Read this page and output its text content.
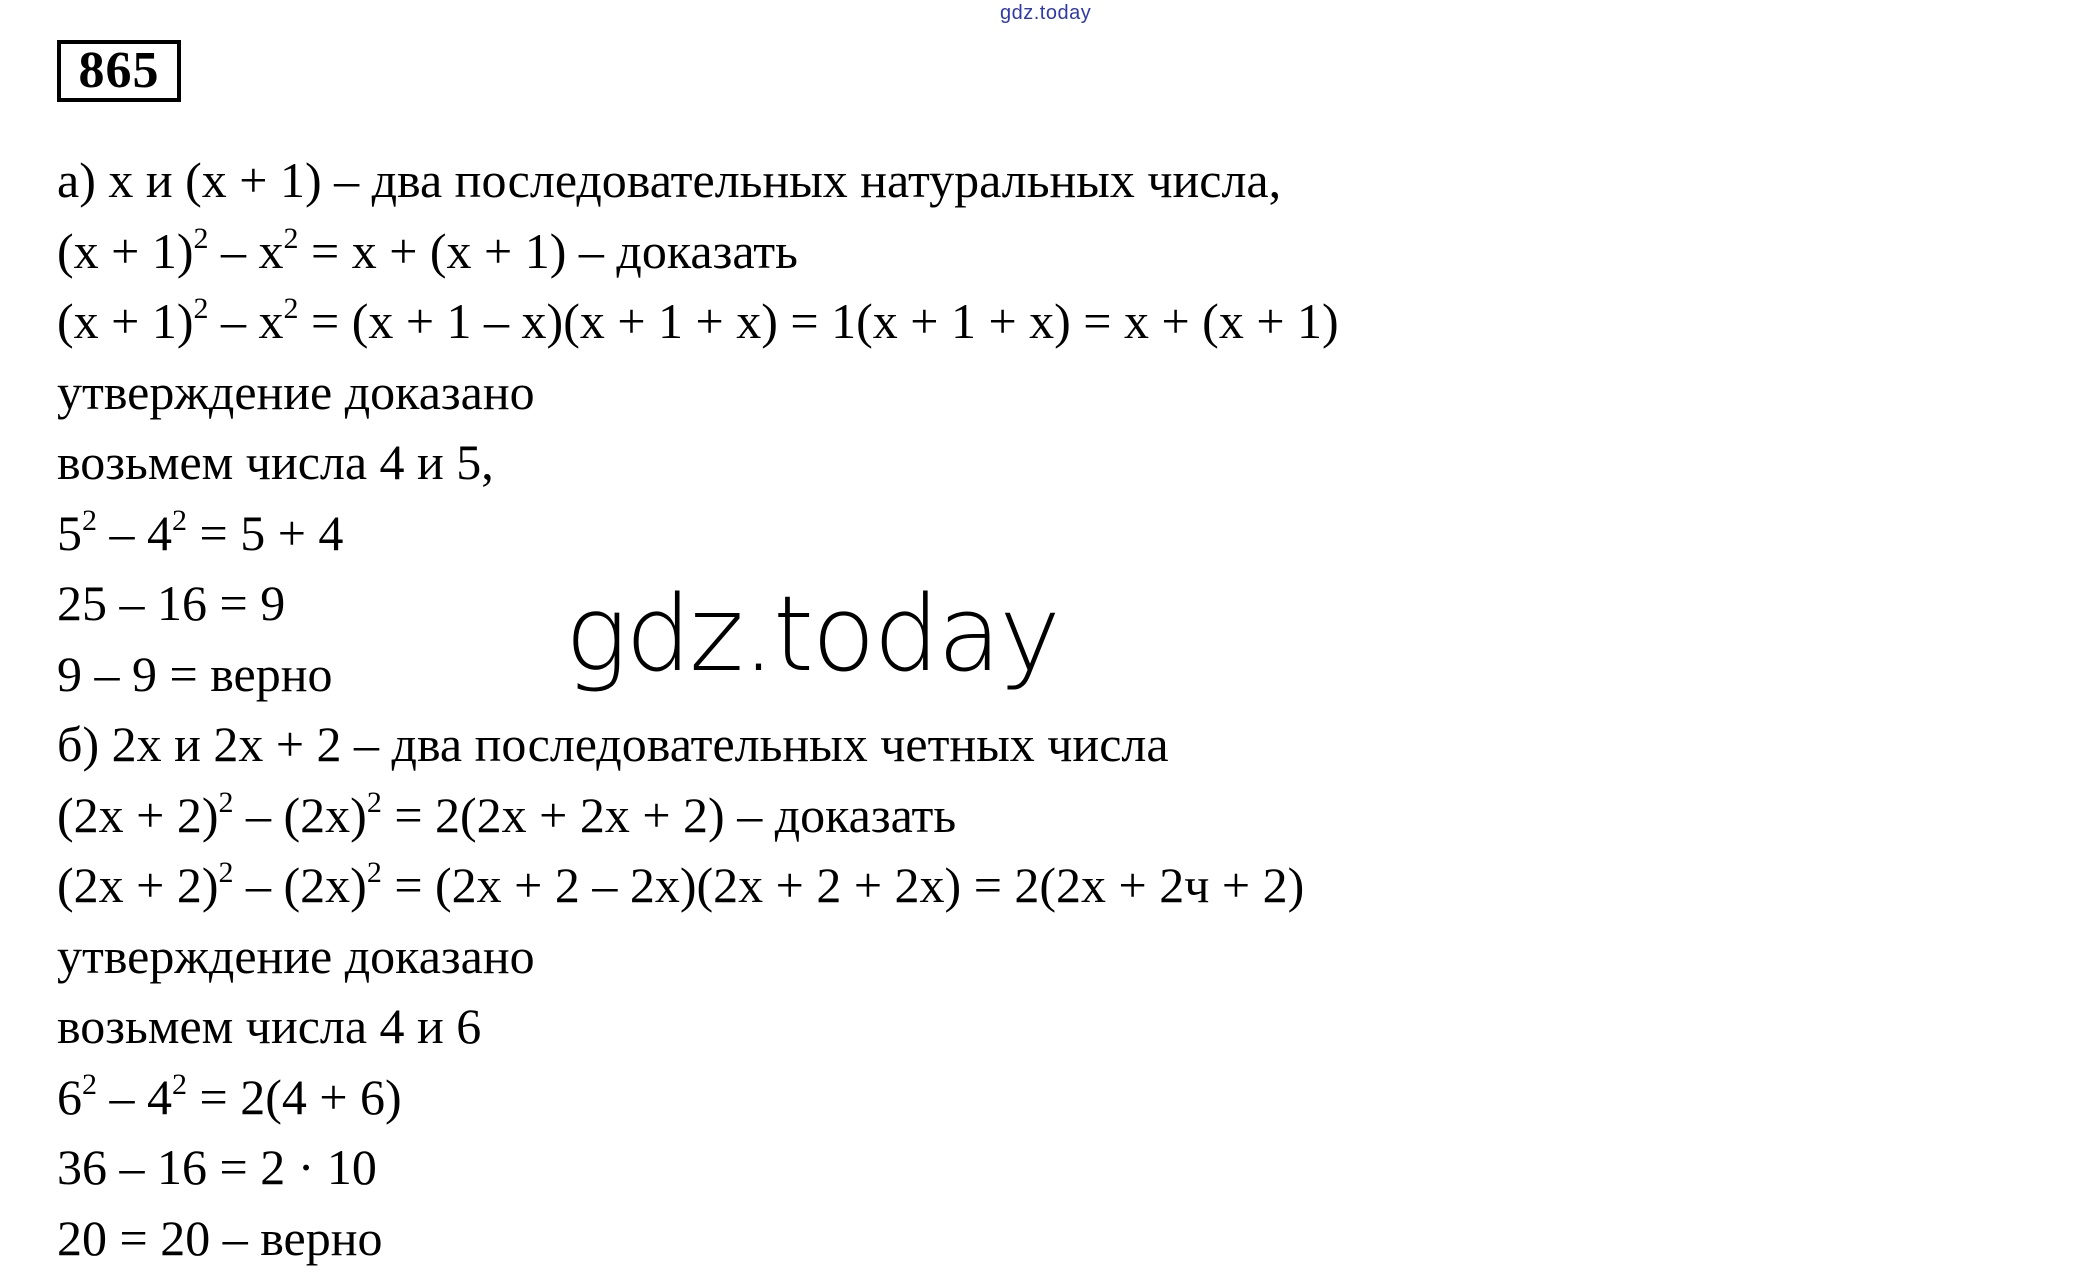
gdz.today
865
а) x и (x + 1) – два последовательных натуральных числа,
$(x + 1)^2 - x^2 = x + (x + 1)$ – доказать
$(x + 1)^2 - x^2 = (x + 1 - x)(x + 1 + x) = 1(x + 1 + x) = x + (x + 1)$
утверждение доказано
возьмем числа 4 и 5,
$5^2 - 4^2 = 5 + 4$
25 – 16 = 9
9 – 9 = верно
б) 2x и 2x + 2 – два последовательных четных числа
$(2x + 2)^2 - (2x)^2 = 2(2x + 2x + 2)$ – доказать
$(2x + 2)^2 - (2x)^2 = (2x + 2 - 2x)(2x + 2 + 2x) = 2(2x + 2ч + 2)$
утверждение доказано
возьмем числа 4 и 6
$6^2 - 4^2 = 2(4 + 6)$
36 – 16 = 2 · 10
20 = 20 – верно
gdz.today
